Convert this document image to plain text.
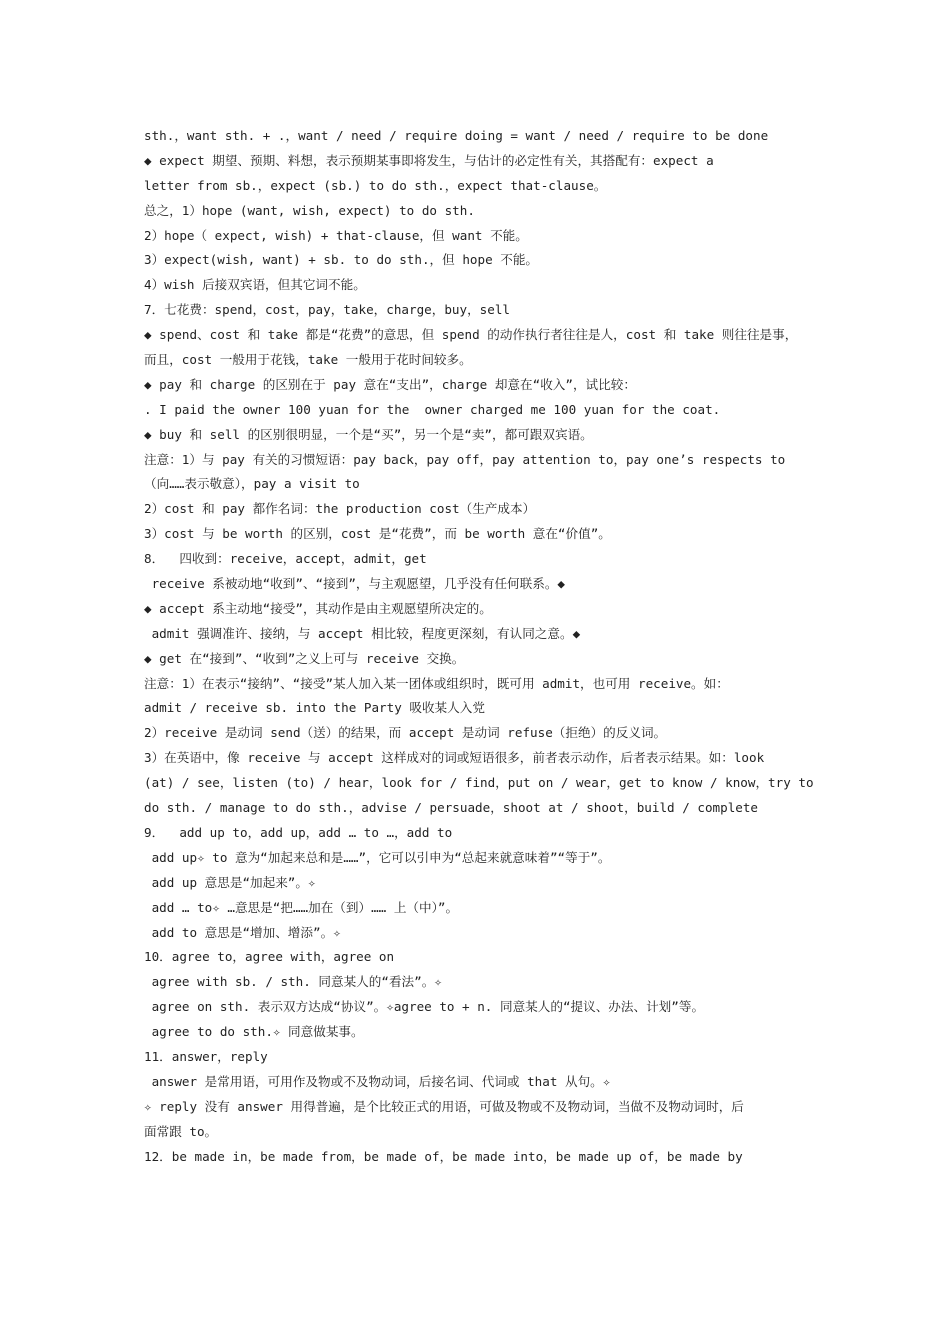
sth.，want sth. + .，want / need / require doing = want / need / require to be done
◆ expect 期望、预期、料想，表示预期某事即将发生，与估计的必定性有关，其搭配有：expect a
letter from sb.，expect (sb.) to do sth.，expect that-clause。
总之，1）hope (want, wish, expect) to do sth.
2）hope（ expect, wish) + that-clause，但 want 不能。
3）expect(wish, want) + sb. to do sth.，但 hope 不能。
4）wish 后接双宾语，但其它词不能。
7．七花费：spend，cost，pay，take，charge，buy，sell
◆ spend、cost 和 take 都是“花费”的意思，但 spend 的动作执行者往往是人，cost 和 take 则往往是事，
而且，cost 一般用于花钱，take 一般用于花时间较多。
◆ pay 和 charge 的区别在于 pay 意在“支出”，charge 却意在“收入”，试比较：
. I paid the owner 100 yuan for the  owner charged me 100 yuan for the coat.
◆ buy 和 sell 的区别很明显，一个是“买”，另一个是“卖”，都可跟双宾语。
注意：1）与 pay 有关的习惯短语：pay back，pay off，pay attention to，pay one’s respects to
（向……表示敬意），pay a visit to
2）cost 和 pay 都作名词：the production cost（生产成本）
3）cost 与 be worth 的区别，cost 是“花费”，而 be worth 意在“价值”。
8．  四收到：receive，accept，admit，get
receive 系被动地“收到”、“接到”，与主观愿望，几乎没有任何联系。◆
◆ accept 系主动地“接受”，其动作是由主观愿望所决定的。
admit 强调准许、接纳，与 accept 相比较，程度更深刻，有认同之意。◆
◆ get 在“接到”、“收到”之义上可与 receive 交换。
注意：1）在表示“接纳”、“接受”某人加入某一团体或组织时，既可用 admit，也可用 receive。如：
admit / receive sb. into the Party 吸收某人入党
2）receive 是动词 send（送）的结果，而 accept 是动词 refuse（拒绝）的反义词。
3）在英语中，像 receive 与 accept 这样成对的词或短语很多，前者表示动作，后者表示结果。如：look
(at) / see，listen (to) / hear，look for / find，put on / wear，get to know / know，try to
do sth. / manage to do sth.，advise / persuade，shoot at / shoot，build / complete
9．  add up to，add up，add … to …，add to
add up✧ to 意为“加起来总和是……”，它可以引申为“总起来就意味着”“等于”。
add up 意思是“加起来”。✧
add … to✧ …意思是“把……加在（到）…… 上（中）”。
add to 意思是“增加、增添”。✧
10．agree to，agree with，agree on
agree with sb. / sth. 同意某人的“看法”。✧
agree on sth. 表示双方达成“协议”。✧agree to + n. 同意某人的“提议、办法、计划”等。
agree to do sth.✧ 同意做某事。
11．answer，reply
answer 是常用语，可用作及物或不及物动词，后接名词、代词或 that 从句。✧
✧ reply 没有 answer 用得普遍，是个比较正式的用语，可做及物或不及物动词，当做不及物动词时，后
面常跟 to。
12．be made in，be made from，be made of，be made into，be made up of，be made by
